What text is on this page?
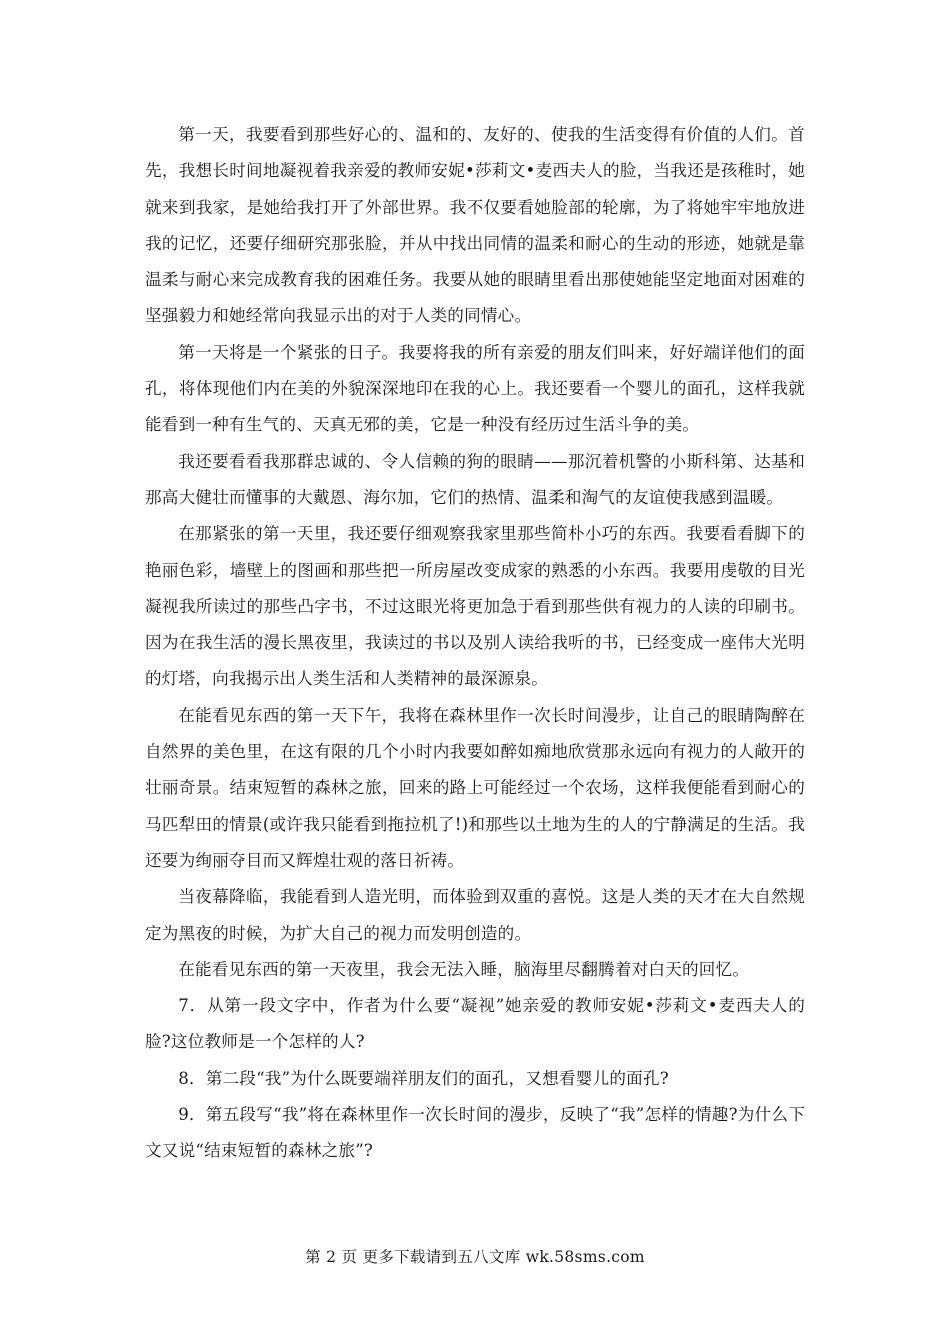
第一天，我要看到那些好心的、温和的、友好的、使我的生活变得有价值的人们。首先，我想长时间地凝视着我亲爱的教师安妮•莎莉文•麦西夫人的脸，当我还是孩稚时，她就来到我家，是她给我打开了外部世界。我不仅要看她脸部的轮廓，为了将她牢牢地放进我的记忆，还要仔细研究那张脸，并从中找出同情的温柔和耐心的生动的形迹，她就是靠温柔与耐心来完成教育我的困难任务。我要从她的眼睛里看出那使她能坚定地面对困难的坚强毅力和她经常向我显示出的对于人类的同情心。

第一天将是一个紧张的日子。我要将我的所有亲爱的朋友们叫来，好好端详他们的面孔，将体现他们内在美的外貌深深地印在我的心上。我还要看一个婴儿的面孔，这样我就能看到一种有生气的、天真无邪的美，它是一种没有经历过生活斗争的美。

我还要看看我那群忠诚的、令人信赖的狗的眼睛——那沉着机警的小斯科第、达基和那高大健壮而懂事的大戴恩、海尔加，它们的热情、温柔和淘气的友谊使我感到温暖。

在那紧张的第一天里，我还要仔细观察我家里那些简朴小巧的东西。我要看看脚下的艳丽色彩，墙壁上的图画和那些把一所房屋改变成家的熟悉的小东西。我要用虔敬的目光凝视我所读过的那些凸字书，不过这眼光将更加急于看到那些供有视力的人读的印刷书。因为在我生活的漫长黑夜里，我读过的书以及别人读给我听的书，已经变成一座伟大光明的灯塔，向我揭示出人类生活和人类精神的最深源泉。

在能看见东西的第一天下午，我将在森林里作一次长时间漫步，让自己的眼睛陶醉在自然界的美色里，在这有限的几个小时内我要如醉如痴地欣赏那永远向有视力的人敞开的壮丽奇景。结束短暂的森林之旅，回来的路上可能经过一个农场，这样我便能看到耐心的马匹犁田的情景(或许我只能看到拖拉机了!)和那些以土地为生的人的宁静满足的生活。我还要为绚丽夺目而又辉煌壮观的落日祈祷。

当夜幕降临，我能看到人造光明，而体验到双重的喜悦。这是人类的天才在大自然规定为黑夜的时候，为扩大自己的视力而发明创造的。

在能看见东西的第一天夜里，我会无法入睡，脑海里尽翻腾着对白天的回忆。

7．从第一段文字中，作者为什么要“凝视”她亲爱的教师安妮•莎莉文•麦西夫人的脸?这位教师是一个怎样的人?

8．第二段“我”为什么既要端祥朋友们的面孔，又想看婴儿的面孔?

9．第五段写“我”将在森林里作一次长时间的漫步，反映了“我”怎样的情趣?为什么下文又说“结束短暂的森林之旅”?

第 2 页 更多下载请到五八文库 wk.58sms.com
